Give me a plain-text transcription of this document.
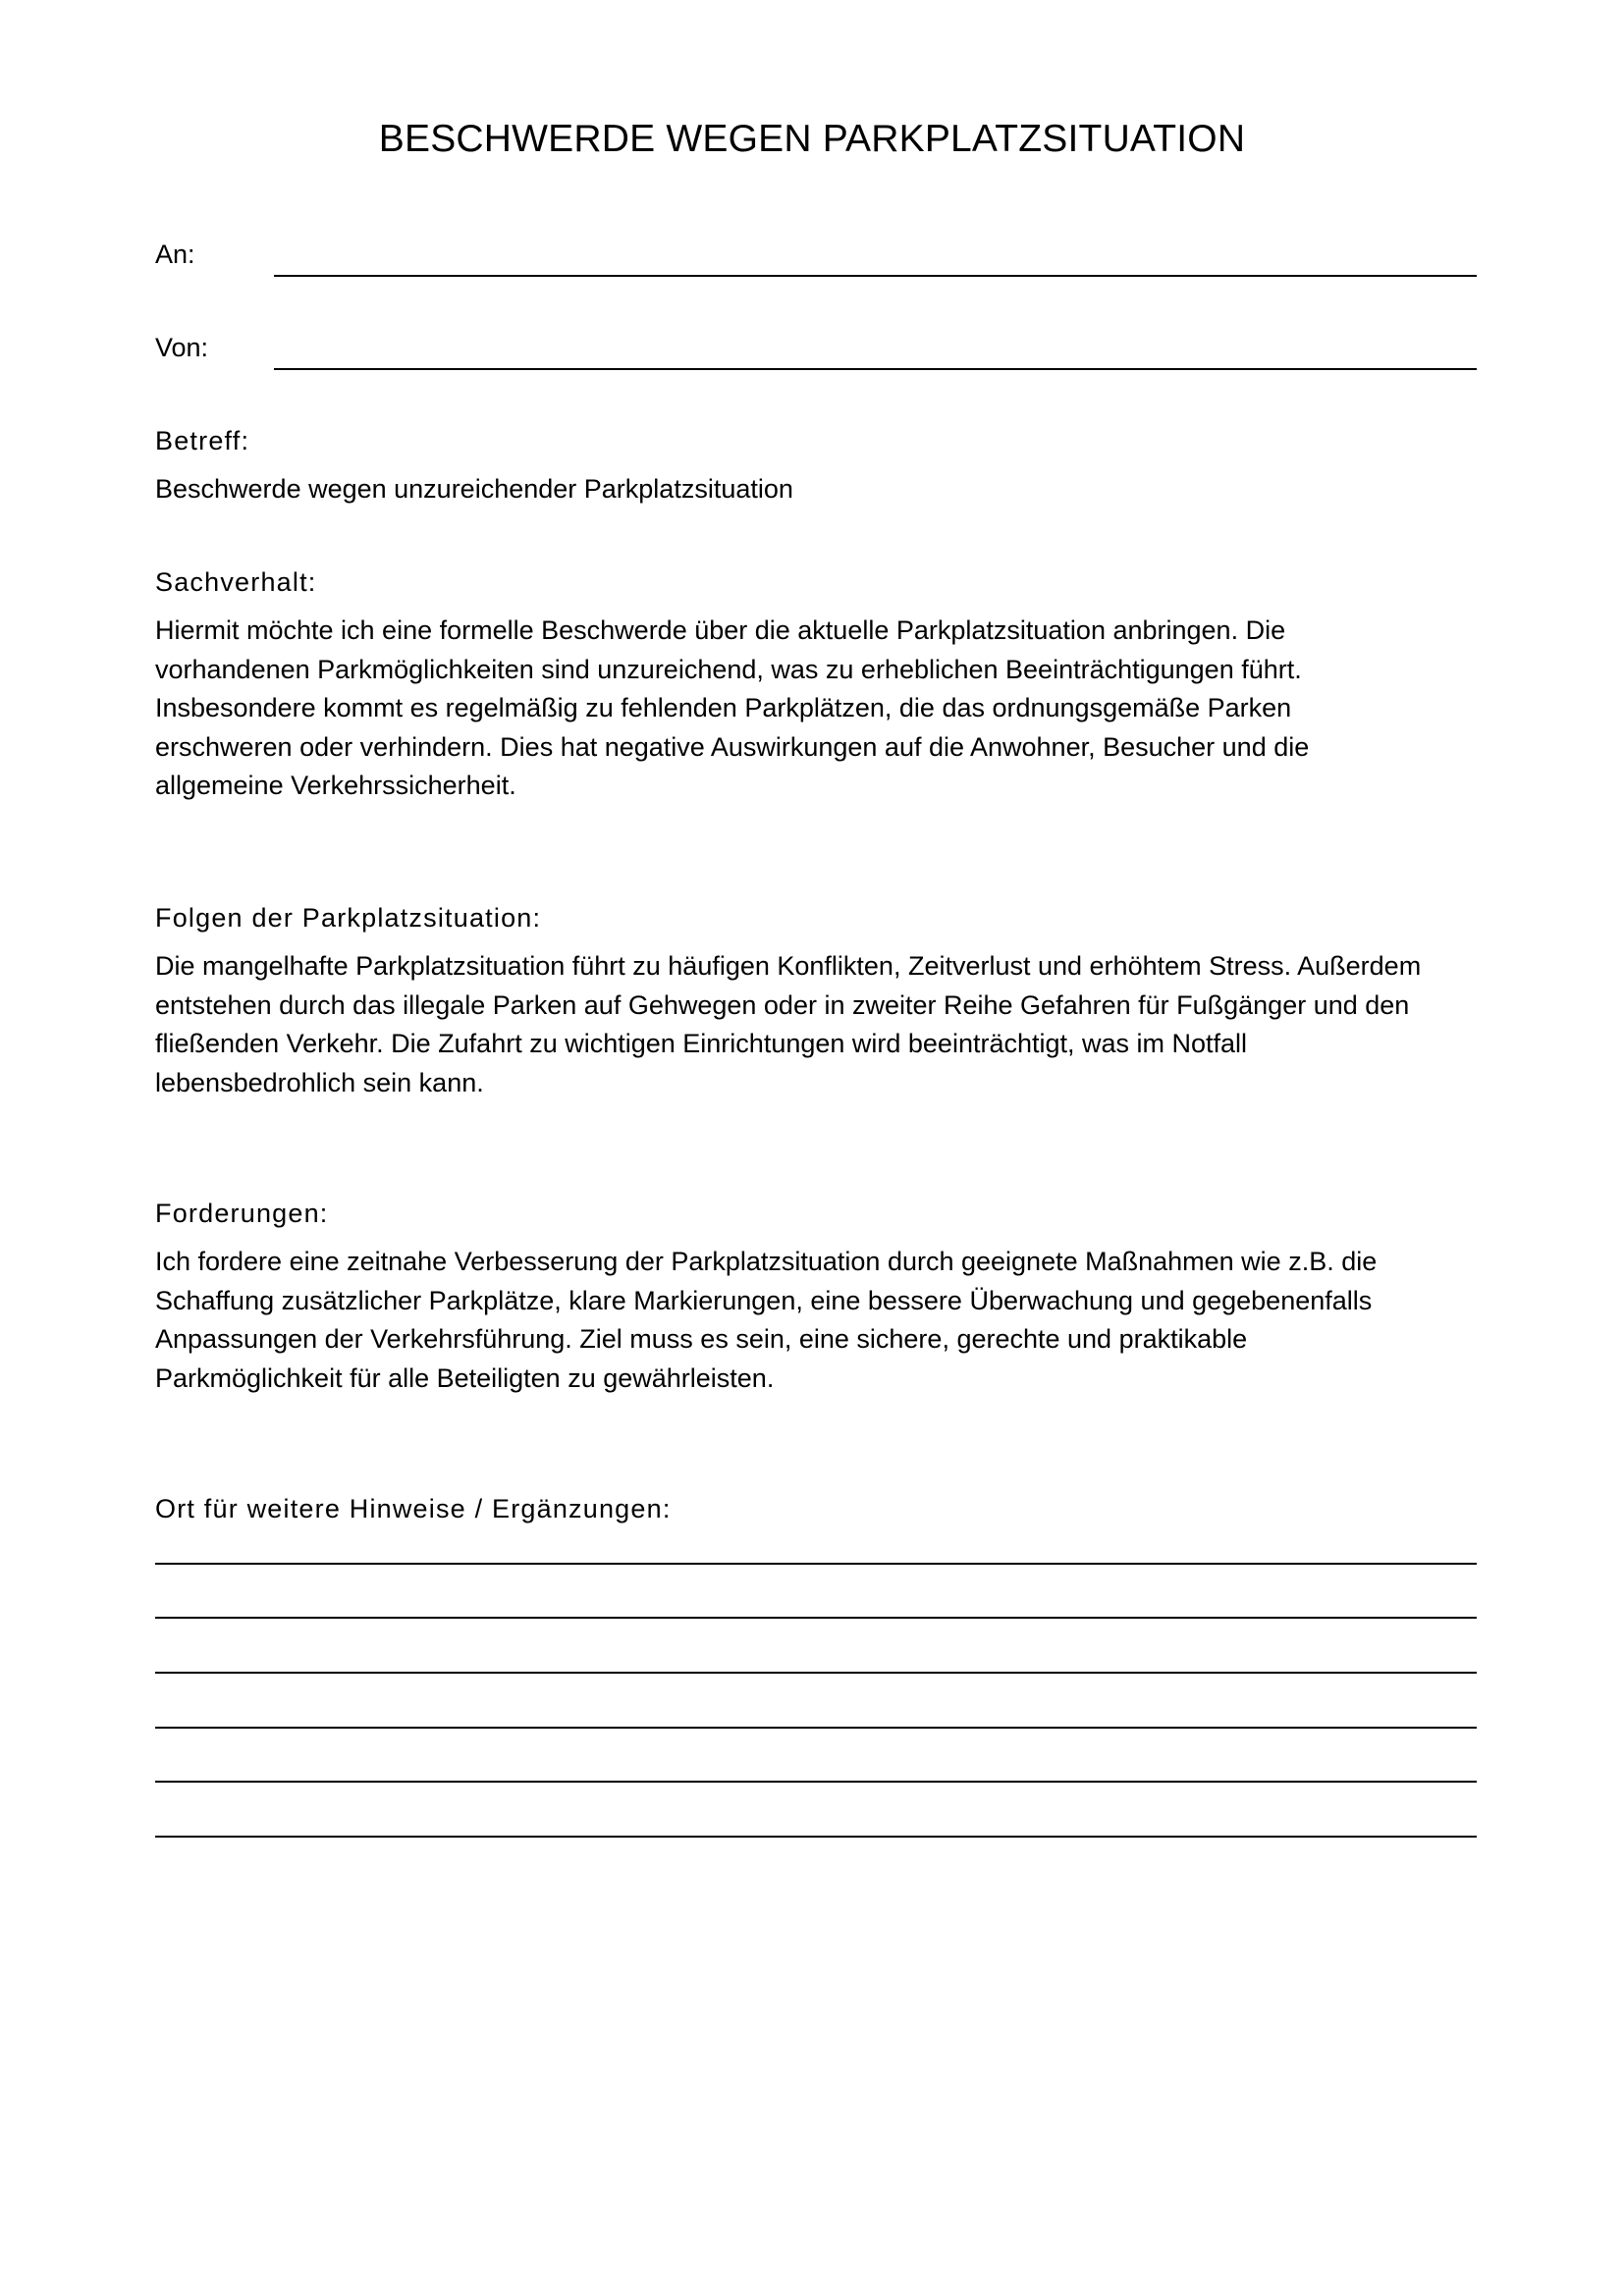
BESCHWERDE WEGEN PARKPLATZSITUATION
An:
Von:
Betreff:

Beschwerde wegen unzureichender Parkplatzsituation

Sachverhalt:

Hiermit möchte ich eine formelle Beschwerde über die aktuelle Parkplatzsituation anbringen. Die
vorhandenen Parkmöglichkeiten sind unzureichend, was zu erheblichen Beeinträchtigungen führt.
Insbesondere kommt es regelmäßig zu fehlenden Parkplätzen, die das ordnungsgemäße Parken
erschweren oder verhindern. Dies hat negative Auswirkungen auf die Anwohner, Besucher und die
allgemeine Verkehrssicherheit.

Folgen der Parkplatzsituation:

Die mangelhafte Parkplatzsituation führt zu häufigen Konflikten, Zeitverlust und erhöhtem Stress. Außerdem
entstehen durch das illegale Parken auf Gehwegen oder in zweiter Reihe Gefahren für Fußgänger und den
fließenden Verkehr. Die Zufahrt zu wichtigen Einrichtungen wird beeinträchtigt, was im Notfall
lebensbedrohlich sein kann.

Forderungen:

Ich fordere eine zeitnahe Verbesserung der Parkplatzsituation durch geeignete Maßnahmen wie z.B. die
Schaffung zusätzlicher Parkplätze, klare Markierungen, eine bessere Überwachung und gegebenenfalls
Anpassungen der Verkehrsführung. Ziel muss es sein, eine sichere, gerechte und praktikable
Parkmöglichkeit für alle Beteiligten zu gewährleisten.

Ort für weitere Hinweise / Ergänzungen:
